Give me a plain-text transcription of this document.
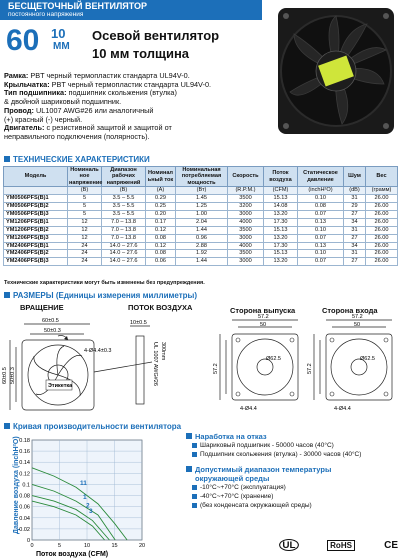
БЕСЩЕТОЧНЫЙ ВЕНТИЛЯТОР
постоянного напряжения
60 10
ММ
Осевой вентилятор
10 мм толщина
Рамка: PBT черный термопластик стандарта UL94V-0.
Крыльчатка: PBT черный термопластик стандарта UL94V-0.
Тип подшипника: подшипник скольжения (втулка)
& двойной шариковый подшипник.
Провод: UL1007 AWG#26 или аналогичный
(+) красный (-) черный.
Двигатель: с резистивной защитой и защитой от
неправильного подключения (полярность).
ТЕХНИЧЕСКИЕ ХАРАКТЕРИСТИКИ
Модель	Номиналь ное напряжение	Диапазон рабочих напряжений	Номинал ьный ток	Номинальная потребляемая мощность	Скорость	Поток воздуха	Статическое давление	Шум	Вес
	(В)	(В)	(А)	(Вт)	(R.P.M.)	(CFM)	(inchH²O)	(dB)	(грамм)
YM0506PFS(B)1	5	3.5 – 5.5	0.29	1.45	3500	15.13	0.10	31	26.00
YM0506PFS(B)2	5	3.5 – 5.5	0.25	1.25	3200	14.08	0.08	29	26.00
YM0506PFS(B)3	5	3.5 – 5.5	0.20	1.00	3000	13.20	0.07	27	26.00
YM1206PFS(B)1	12	7.0 – 13.8	0.17	2.04	4000	17.30	0.13	34	26.00
YM1206PFS(B)2	12	7.0 – 13.8	0.12	1.44	3500	15.13	0.10	31	26.00
YM1206PFS(B)3	12	7.0 – 13.8	0.08	0.96	3000	13.20	0.07	27	26.00
YM2406PFS(B)1	24	14.0 – 27.6	0.12	2.88	4000	17.30	0.13	34	26.00
YM2406PFS(B)2	24	14.0 – 27.6	0.08	1.92	3500	15.13	0.10	31	26.00
YM2406PFS(B)3	24	14.0 – 27.6	0.06	1.44	3000	13.20	0.07	27	26.00
Технические характеристики могут быть изменены без предупреждения.
РАЗМЕРЫ (Единицы измерения миллиметры)
ВРАЩЕНИЕ	ПОТОК ВОЗДУХА
60±0.5
50±0.3
60±0.5 50±0.3
4-Ø4.4±0.3
Этикетка
UL 1007 AWG#26 300mm
10±0.5
Сторона выпуска	Сторона входа
57.2
50
57.2
Ø62.5
4-Ø4.4
57.2
50
57.2
Ø62.5
4-Ø4.4
Кривая производительности вентилятора
0
0.02
0.04
0.06
0.08
0.1
0.12
0.14
0.16
0.18
0	5	10	15	20
11
1
2
3
Давление воздуха (inchH²O)
Поток воздуха (CFM)
Наработка на отказ
Шариковый подшипник - 50000 часов (40°C)
Подшипник скольжения (втулка) - 30000 часов (40°C)
Допустимый диапазон температуры
окружающей среды
-10°C~+70°C (эксплуатация)
-40°C~+70°C (хранение)
(без конденсата окружающей среды)
UL	RoHS	CE
